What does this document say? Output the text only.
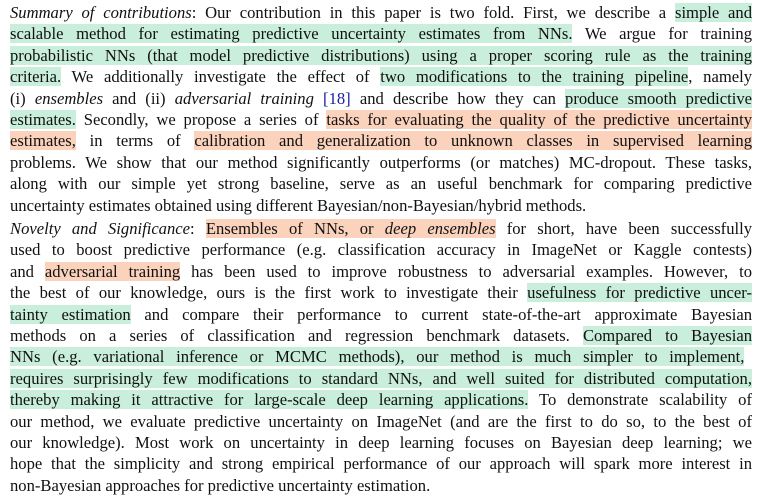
Summary of contributions: Our contribution in this paper is two fold. First, we describe a simple and
scalable method for estimating predictive uncertainty estimates from NNs. We argue for training
probabilistic NNs (that model predictive distributions) using a proper scoring rule as the training
criteria. We additionally investigate the effect of two modifications to the training pipeline, namely
(i) ensembles and (ii) adversarial training [18] and describe how they can produce smooth predictive
estimates. Secondly, we propose a series of tasks for evaluating the quality of the predictive uncertainty
estimates, in terms of calibration and generalization to unknown classes in supervised learning
problems. We show that our method significantly outperforms (or matches) MC-dropout. These tasks,
along with our simple yet strong baseline, serve as an useful benchmark for comparing predictive
uncertainty estimates obtained using different Bayesian/non-Bayesian/hybrid methods.
Novelty and Significance: Ensembles of NNs, or deep ensembles for short, have been successfully
used to boost predictive performance (e.g. classification accuracy in ImageNet or Kaggle contests)
and adversarial training has been used to improve robustness to adversarial examples. However, to
the best of our knowledge, ours is the first work to investigate their usefulness for predictive uncer-
tainty estimation and compare their performance to current state-of-the-art approximate Bayesian
methods on a series of classification and regression benchmark datasets. Compared to Bayesian
NNs (e.g. variational inference or MCMC methods), our method is much simpler to implement,
requires surprisingly few modifications to standard NNs, and well suited for distributed computation,
thereby making it attractive for large-scale deep learning applications. To demonstrate scalability of
our method, we evaluate predictive uncertainty on ImageNet (and are the first to do so, to the best of
our knowledge). Most work on uncertainty in deep learning focuses on Bayesian deep learning; we
hope that the simplicity and strong empirical performance of our approach will spark more interest in
non-Bayesian approaches for predictive uncertainty estimation.
